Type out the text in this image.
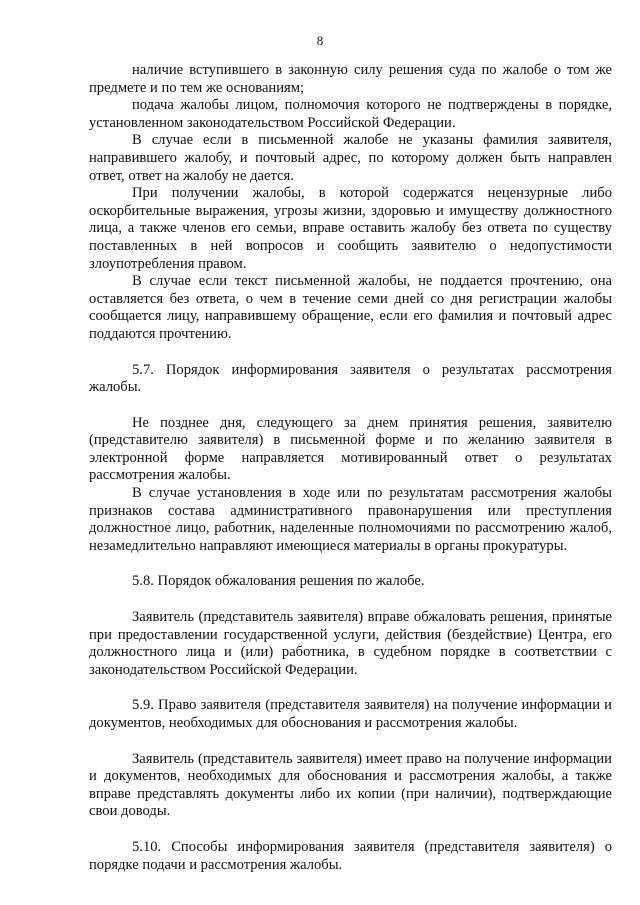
8

наличие вступившего в законную силу решения суда по жалобе о том же предмете и по тем же основаниям;

подача жалобы лицом, полномочия которого не подтверждены в порядке, установленном законодательством Российской Федерации.

В случае если в письменной жалобе не указаны фамилия заявителя, направившего жалобу, и почтовый адрес, по которому должен быть направлен ответ, ответ на жалобу не дается.

При получении жалобы, в которой содержатся нецензурные либо оскорбительные выражения, угрозы жизни, здоровью и имуществу должностного лица, а также членов его семьи, вправе оставить жалобу без ответа по существу поставленных в ней вопросов и сообщить заявителю о недопустимости злоупотребления правом.

В случае если текст письменной жалобы, не поддается прочтению, она оставляется без ответа, о чем в течение семи дней со дня регистрации жалобы сообщается лицу, направившему обращение, если его фамилия и почтовый адрес поддаются прочтению.

5.7. Порядок информирования заявителя о результатах рассмотрения жалобы.

Не позднее дня, следующего за днем принятия решения, заявителю (представителю заявителя) в письменной форме и по желанию заявителя в электронной форме направляется мотивированный ответ о результатах рассмотрения жалобы.

В случае установления в ходе или по результатам рассмотрения жалобы признаков состава административного правонарушения или преступления должностное лицо, работник, наделенные полномочиями по рассмотрению жалоб, незамедлительно направляют имеющиеся материалы в органы прокуратуры.

5.8. Порядок обжалования решения по жалобе.

Заявитель (представитель заявителя) вправе обжаловать решения, принятые при предоставлении государственной услуги, действия (бездействие) Центра, его должностного лица и (или) работника, в судебном порядке в соответствии с законодательством Российской Федерации.

5.9. Право заявителя (представителя заявителя) на получение информации и документов, необходимых для обоснования и рассмотрения жалобы.

Заявитель (представитель заявителя) имеет право на получение информации и документов, необходимых для обоснования и рассмотрения жалобы, а также вправе представлять документы либо их копии (при наличии), подтверждающие свои доводы.

5.10. Способы информирования заявителя (представителя заявителя) о порядке подачи и рассмотрения жалобы.
